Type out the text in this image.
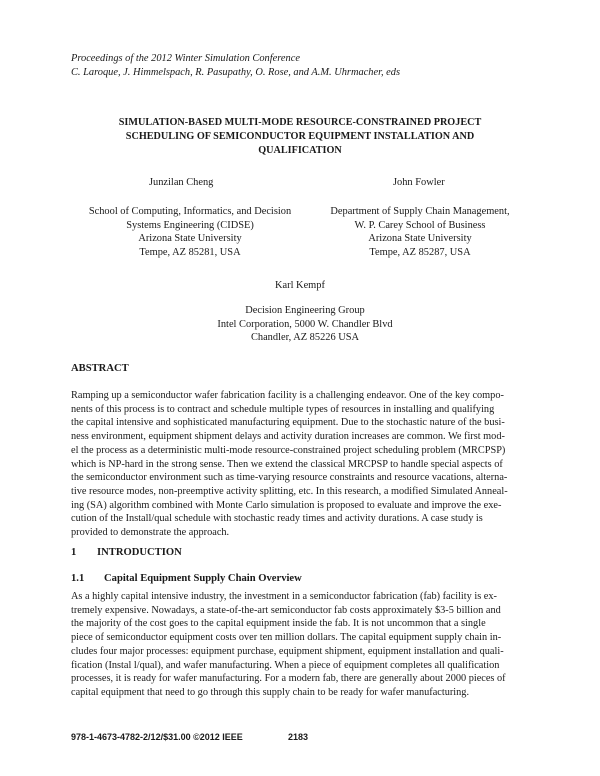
Proceedings of the 2012 Winter Simulation Conference
C. Laroque, J. Himmelspach, R. Pasupathy, O. Rose, and A.M. Uhrmacher, eds
SIMULATION-BASED MULTI-MODE RESOURCE-CONSTRAINED PROJECT
SCHEDULING OF SEMICONDUCTOR EQUIPMENT INSTALLATION AND
QUALIFICATION
Junzilan Cheng
School of Computing, Informatics, and Decision
Systems Engineering (CIDSE)
Arizona State University
Tempe, AZ 85281, USA
John Fowler
Department of Supply Chain Management,
W. P. Carey School of Business
Arizona State University
Tempe, AZ 85287, USA
Karl Kempf
Decision Engineering Group
Intel Corporation, 5000 W. Chandler Blvd
Chandler, AZ 85226 USA
ABSTRACT
Ramping up a semiconductor wafer fabrication facility is a challenging endeavor. One of the key compo-
nents of this process is to contract and schedule multiple types of resources in installing and qualifying
the capital intensive and sophisticated manufacturing equipment. Due to the stochastic nature of the busi-
ness environment, equipment shipment delays and activity duration increases are common. We first mod-
el the process as a deterministic multi-mode resource-constrained project scheduling problem (MRCPSP)
which is NP-hard in the strong sense. Then we extend the classical MRCPSP to handle special aspects of
the semiconductor environment such as time-varying resource constraints and resource vacations, alterna-
tive resource modes, non-preemptive activity splitting, etc. In this research, a modified Simulated Anneal-
ing (SA) algorithm combined with Monte Carlo simulation is proposed to evaluate and improve the exe-
cution of the Install/qual schedule with stochastic ready times and activity durations. A case study is
provided to demonstrate the approach.
1 INTRODUCTION
1.1 Capital Equipment Supply Chain Overview
As a highly capital intensive industry, the investment in a semiconductor fabrication (fab) facility is ex-
tremely expensive. Nowadays, a state-of-the-art semiconductor fab costs approximately $3-5 billion and
the majority of the cost goes to the capital equipment inside the fab. It is not uncommon that a single
piece of semiconductor equipment costs over ten million dollars. The capital equipment supply chain in-
cludes four major processes: equipment purchase, equipment shipment, equipment installation and quali-
fication (Instal l/qual), and wafer manufacturing. When a piece of equipment completes all qualification
processes, it is ready for wafer manufacturing. For a modern fab, there are generally about 2000 pieces of
capital equipment that need to go through this supply chain to be ready for wafer manufacturing.
978-1-4673-4782-2/12/$31.00 ©2012 IEEE	2183
